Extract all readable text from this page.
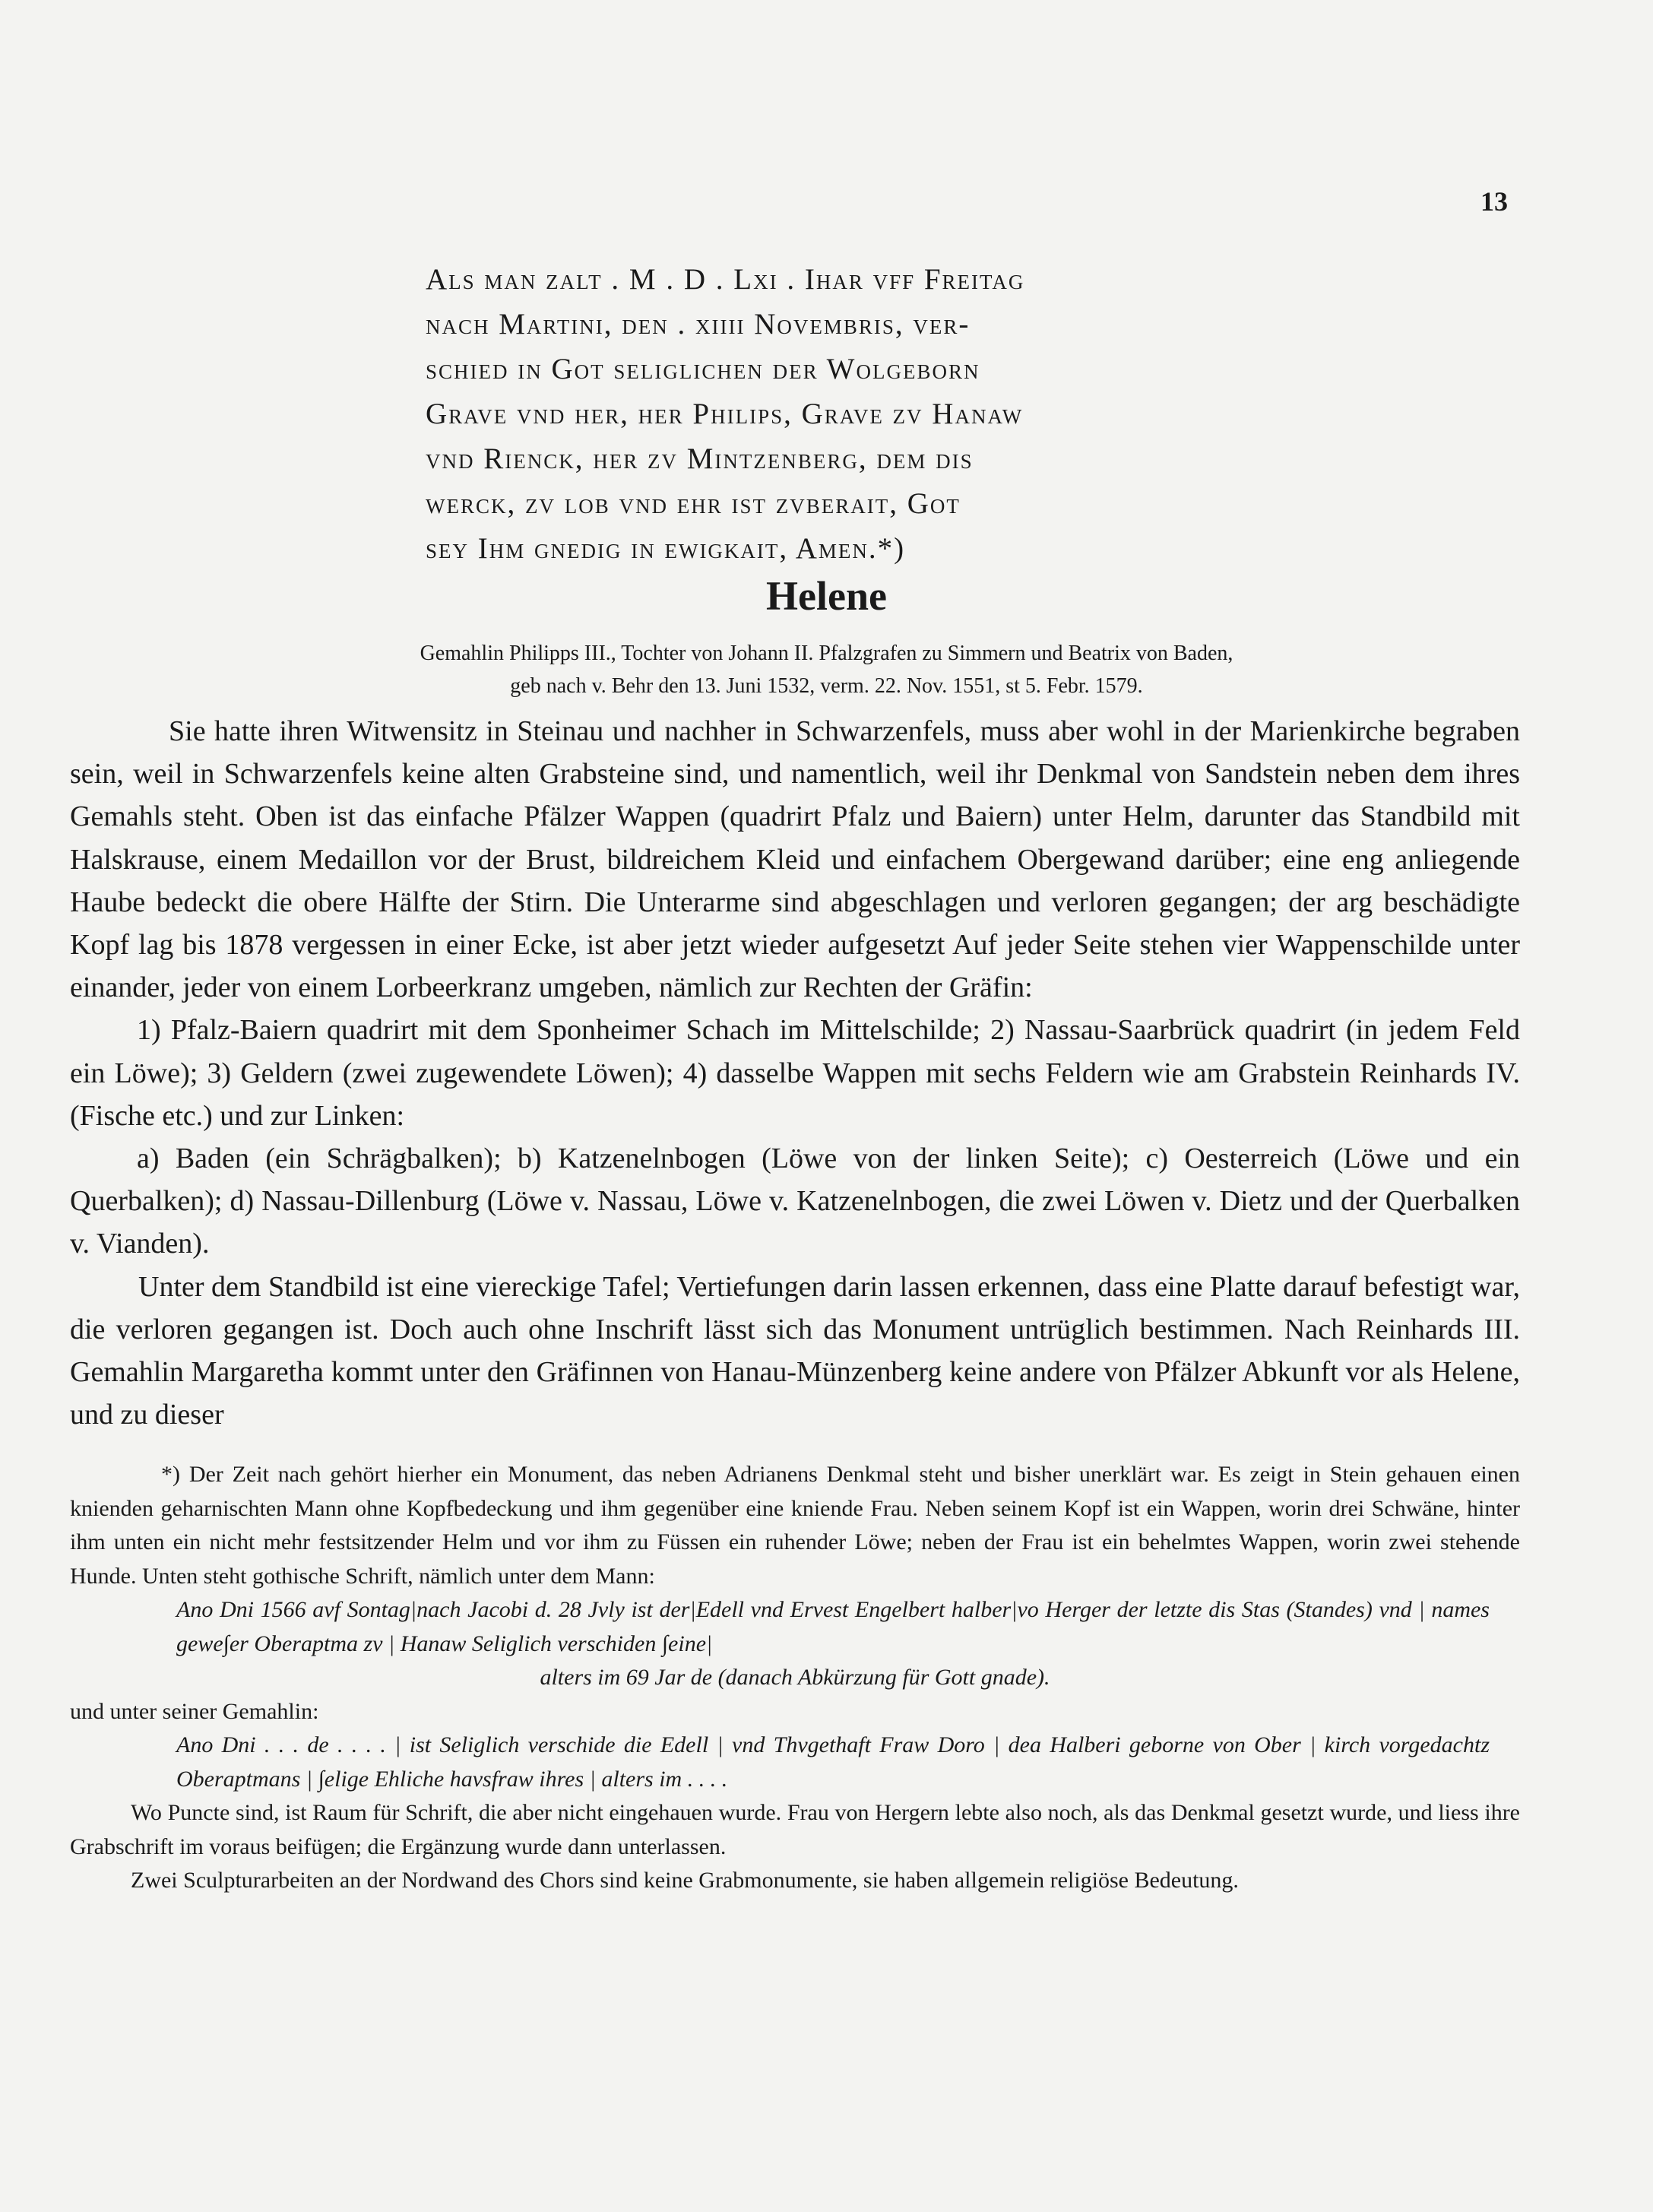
13
Als man zalt . M . D . Lxi . Ihar vff Freitag
nach Martini, den . xiiii Novembris, ver-
schied in Got seliglichen der Wolgeborn
Grave vnd her, her Philips, Grave zv Hanaw
vnd Rienck, her zv Mintzenberg, dem dis
werck, zv lob vnd ehr ist zvberait, Got
sey Ihm gnedig in ewigkait, Amen.*)
Helene
Gemahlin Philipps III., Tochter von Johann II. Pfalzgrafen zu Simmern und Beatrix von Baden,
geb nach v. Behr den 13. Juni 1532, verm. 22. Nov. 1551, st 5. Febr. 1579.

Sie hatte ihren Witwensitz in Steinau und nachher in Schwarzenfels, muss aber wohl in der Marienkirche begraben sein, weil in Schwarzenfels keine alten Grabsteine sind, und namentlich, weil ihr Denkmal von Sandstein neben dem ihres Gemahls steht. Oben ist das einfache Pfälzer Wappen (quadrirt Pfalz und Baiern) unter Helm, darunter das Standbild mit Halskrause, einem Medaillon vor der Brust, bildreichem Kleid und einfachem Obergewand darüber; eine eng anliegende Haube bedeckt die obere Hälfte der Stirn. Die Unterarme sind abgeschlagen und verloren gegangen; der arg beschädigte Kopf lag bis 1878 vergessen in einer Ecke, ist aber jetzt wieder aufgesetzt Auf jeder Seite stehen vier Wappenschilde unter einander, jeder von einem Lorbeerkranz umgeben, nämlich zur Rechten der Gräfin:

1) Pfalz-Baiern quadrirt mit dem Sponheimer Schach im Mittelschilde; 2) Nassau-Saarbrück quadrirt (in jedem Feld ein Löwe); 3) Geldern (zwei zugewendete Löwen); 4) dasselbe Wappen mit sechs Feldern wie am Grabstein Reinhards IV. (Fische etc.) und zur Linken:

a) Baden (ein Schrägbalken); b) Katzenelnbogen (Löwe von der linken Seite); c) Oesterreich (Löwe und ein Querbalken); d) Nassau-Dillenburg (Löwe v. Nassau, Löwe v. Katzenelnbogen, die zwei Löwen v. Dietz und der Querbalken v. Vianden).

Unter dem Standbild ist eine viereckige Tafel; Vertiefungen darin lassen erkennen, dass eine Platte darauf befestigt war, die verloren gegangen ist. Doch auch ohne Inschrift lässt sich das Monument untrüglich bestimmen. Nach Reinhards III. Gemahlin Margaretha kommt unter den Gräfinnen von Hanau-Münzenberg keine andere von Pfälzer Abkunft vor als Helene, und zu dieser

*) Der Zeit nach gehört hierher ein Monument, das neben Adrianens Denkmal steht und bisher unerklärt war. Es zeigt in Stein gehauen einen knienden geharnischten Mann ohne Kopfbedeckung und ihm gegenüber eine kniende Frau. Neben seinem Kopf ist ein Wappen, worin drei Schwäne, hinter ihm unten ein nicht mehr festsitzender Helm und vor ihm zu Füssen ein ruhender Löwe; neben der Frau ist ein behelmtes Wappen, worin zwei stehende Hunde. Unten steht gothische Schrift, nämlich unter dem Mann:

Ano Dni 1566 avf Sontag|nach Jacobi d. 28 Jvly ist der|Edell vnd Ervest Engelbert halber|vo Herger der letzte dis Stas (Standes) vnd | names gewe∫er Oberaptma zv | Hanaw Seliglich verschiden ∫eine|

alters im 69 Jar de (danach Abkürzung für Gott gnade).

und unter seiner Gemahlin:

Ano Dni . . . de . . . . | ist Seliglich verschide die Edell | vnd Thvgethaft Fraw Doro | dea Halberi geborne von Ober | kirch vorgedachtz Oberaptmans | ∫elige Ehliche havsfraw ihres | alters im . . . .

Wo Puncte sind, ist Raum für Schrift, die aber nicht eingehauen wurde. Frau von Hergern lebte also noch, als das Denkmal gesetzt wurde, und liess ihre Grabschrift im voraus beifügen; die Ergänzung wurde dann unterlassen.

Zwei Sculpturarbeiten an der Nordwand des Chors sind keine Grabmonumente, sie haben allgemein religiöse Bedeutung.
